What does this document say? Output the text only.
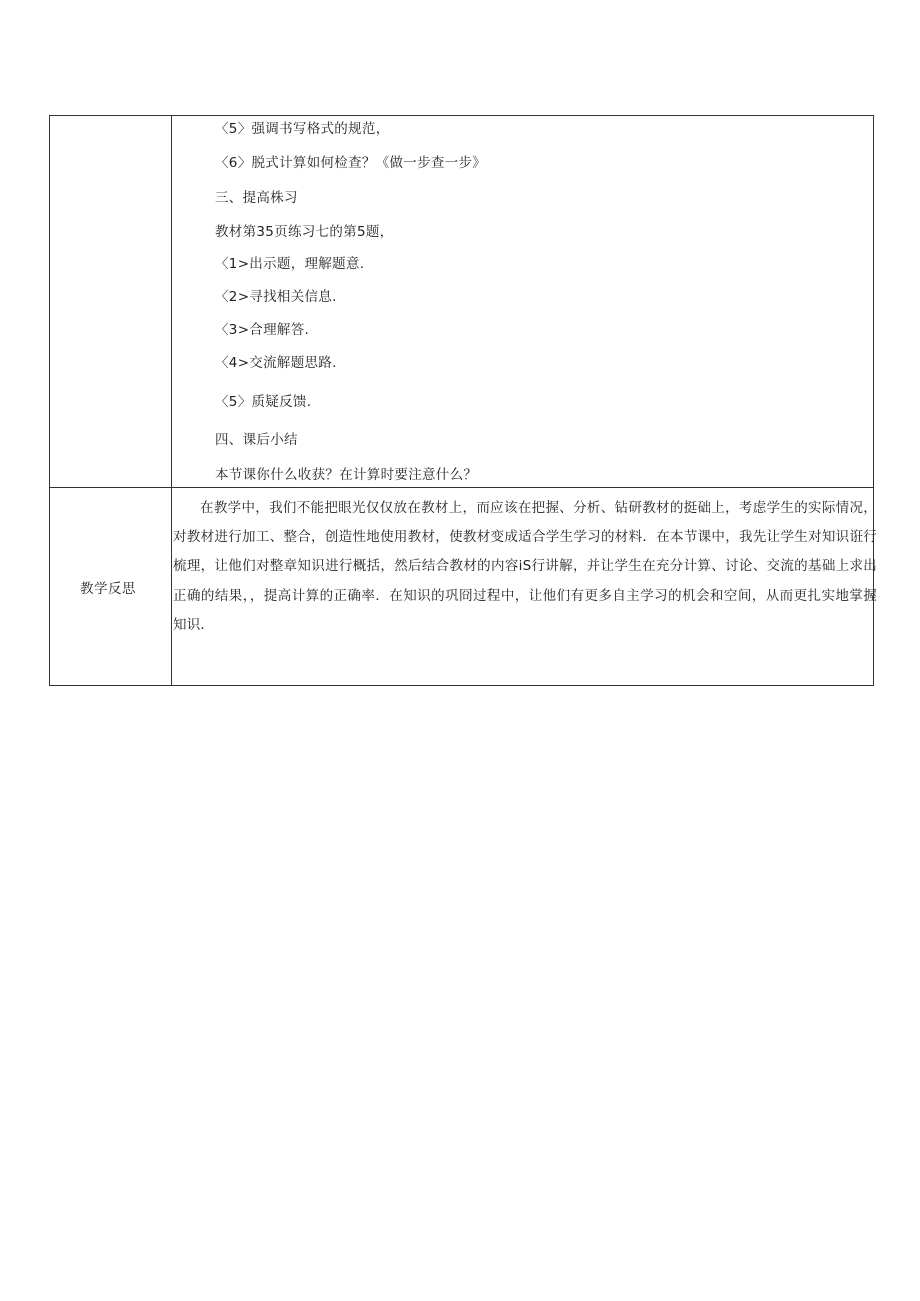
〈5〉强调书写格式的规范，
〈6〉脱式计算如何检查？《做一步查一步》
三、提高株习
教材第35页练习七的第5题，
〈1>出示题，理解题意.
〈2>寻找相关信息.
〈3>合理解答.
〈4>交流解题思路.
〈5〉质疑反馈.
四、课后小结
本节课你什么收获？在计算时要注意什么？
教学反思
在教学中，我们不能把眼光仅仅放在教材上，而应该在把握、分析、钻研教材的挺础上，考虑学生的实际情况，对教材进行加工、整合，创造性地使用教材，使教材变成适合学生学习的材料．在本节课中，我先让学生对知识诳行梳理，让他们对整章知识进行概括，然后结合教材的内容iS行讲解，并让学生在充分计算、讨论、交流的基础上求出正确的结果，，提高计算的正确率．在知识的巩冏过程中，让他们有更多自主学习的机会和空间，从而更扎实地掌握知识．
